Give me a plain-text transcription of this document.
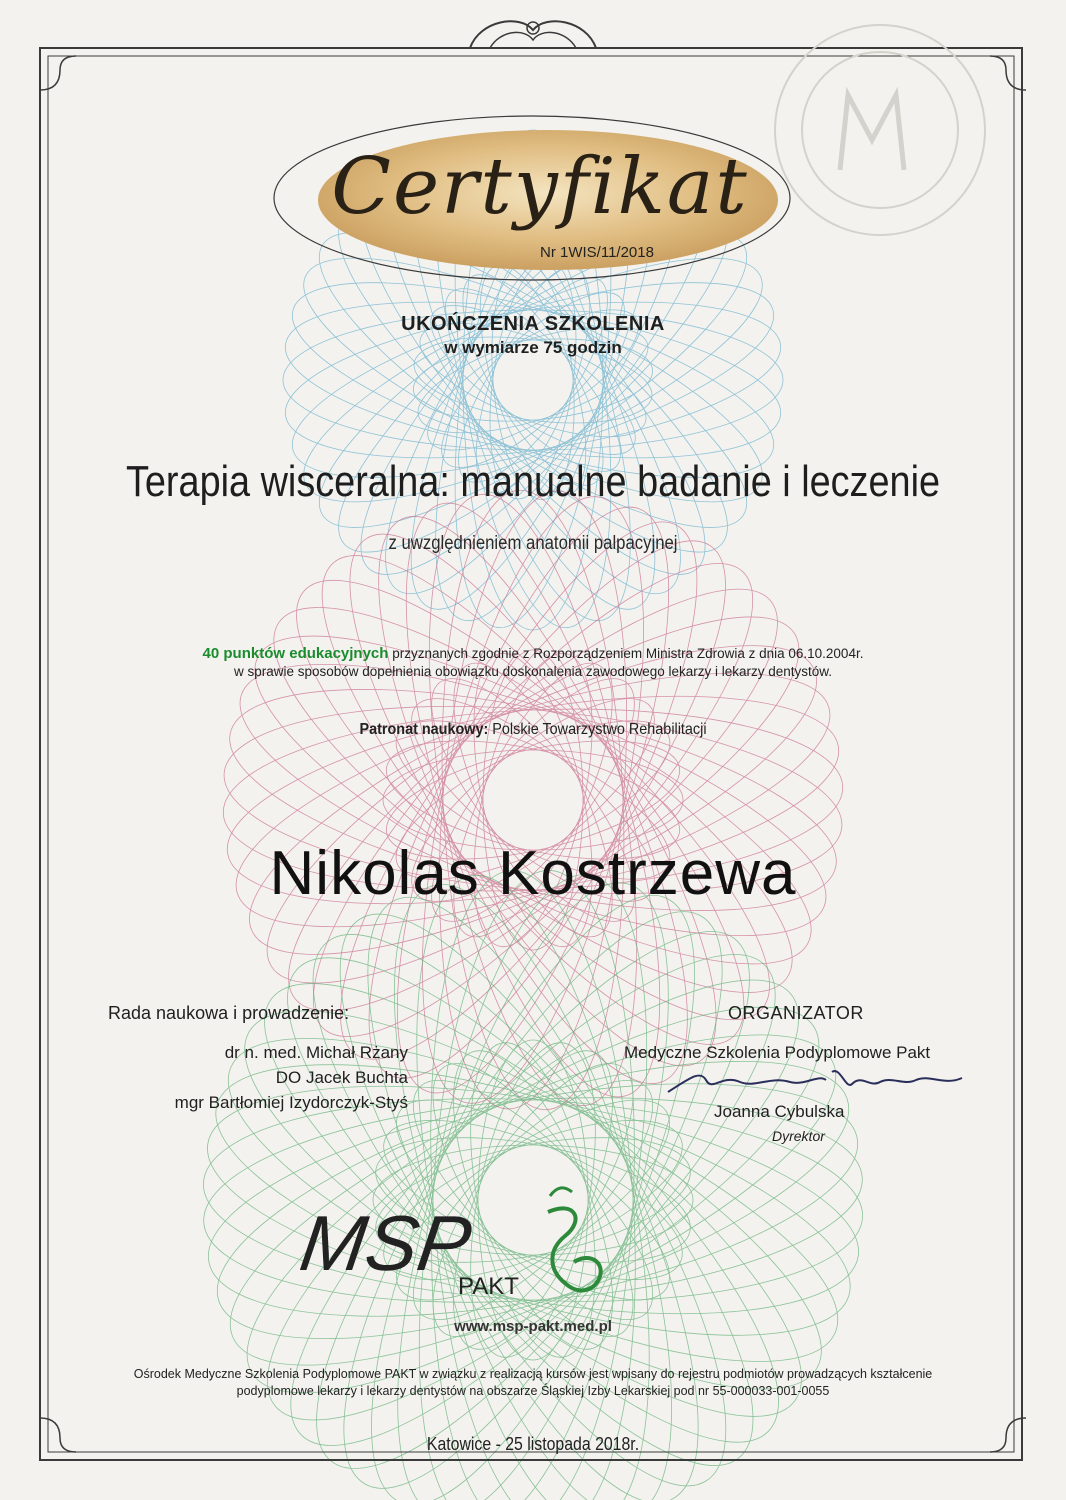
MSP
PAKT
Certyfikat
Nr 1WIS/11/2018
UKOŃCZENIA SZKOLENIA
w wymiarze 75 godzin
Terapia wisceralna: manualne badanie i leczenie
z uwzględnieniem anatomii palpacyjnej
40 punktów edukacyjnych przyznanych zgodnie z Rozporządzeniem Ministra Zdrowia z dnia 06.10.2004r.
w sprawie sposobów dopełnienia obowiązku doskonalenia zawodowego lekarzy i lekarzy dentystów.
Patronat naukowy: Polskie Towarzystwo Rehabilitacji
Nikolas Kostrzewa
Rada naukowa i prowadzenie:
dr n. med. Michał Rżany
DO Jacek Buchta
mgr Bartłomiej Izydorczyk-Styś
ORGANIZATOR
Medyczne Szkolenia Podyplomowe Pakt
Joanna Cybulska
Dyrektor
www.msp-pakt.med.pl
Ośrodek Medyczne Szkolenia Podyplomowe PAKT w związku z realizacją kursów jest wpisany do rejestru podmiotów prowadzących kształcenie
podyplomowe lekarzy i lekarzy dentystów na obszarze Śląskiej Izby Lekarskiej pod nr 55-000033-001-0055
Katowice - 25 listopada 2018r.
